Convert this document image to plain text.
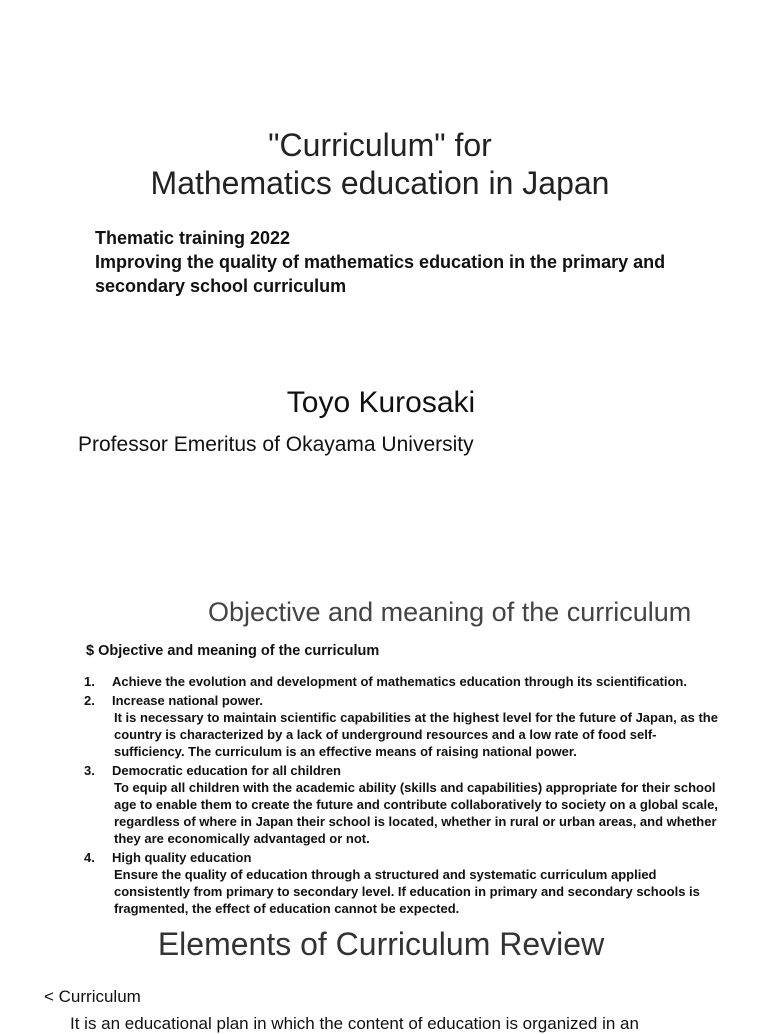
"Curriculum" for
Mathematics education in Japan
Thematic training 2022
Improving the quality of mathematics education in the primary and secondary school curriculum
Toyo Kurosaki
Professor Emeritus of Okayama University
Objective and meaning of the curriculum
$ Objective and meaning of the curriculum
1. Achieve the evolution and development of mathematics education through its scientification.
2. Increase national power.
It is necessary to maintain scientific capabilities at the highest level for the future of Japan, as the country is characterized by a lack of underground resources and a low rate of food self-sufficiency. The curriculum is an effective means of raising national power.
3. Democratic education for all children
To equip all children with the academic ability (skills and capabilities) appropriate for their school age to enable them to create the future and contribute collaboratively to society on a global scale, regardless of where in Japan their school is located, whether in rural or urban areas, and whether they are economically advantaged or not.
4. High quality education
Ensure the quality of education through a structured and systematic curriculum applied consistently from primary to secondary level. If education in primary and secondary schools is fragmented, the effect of education cannot be expected.
Elements of Curriculum Review
< Curriculum
It is an educational plan in which the content of education is organized in an
